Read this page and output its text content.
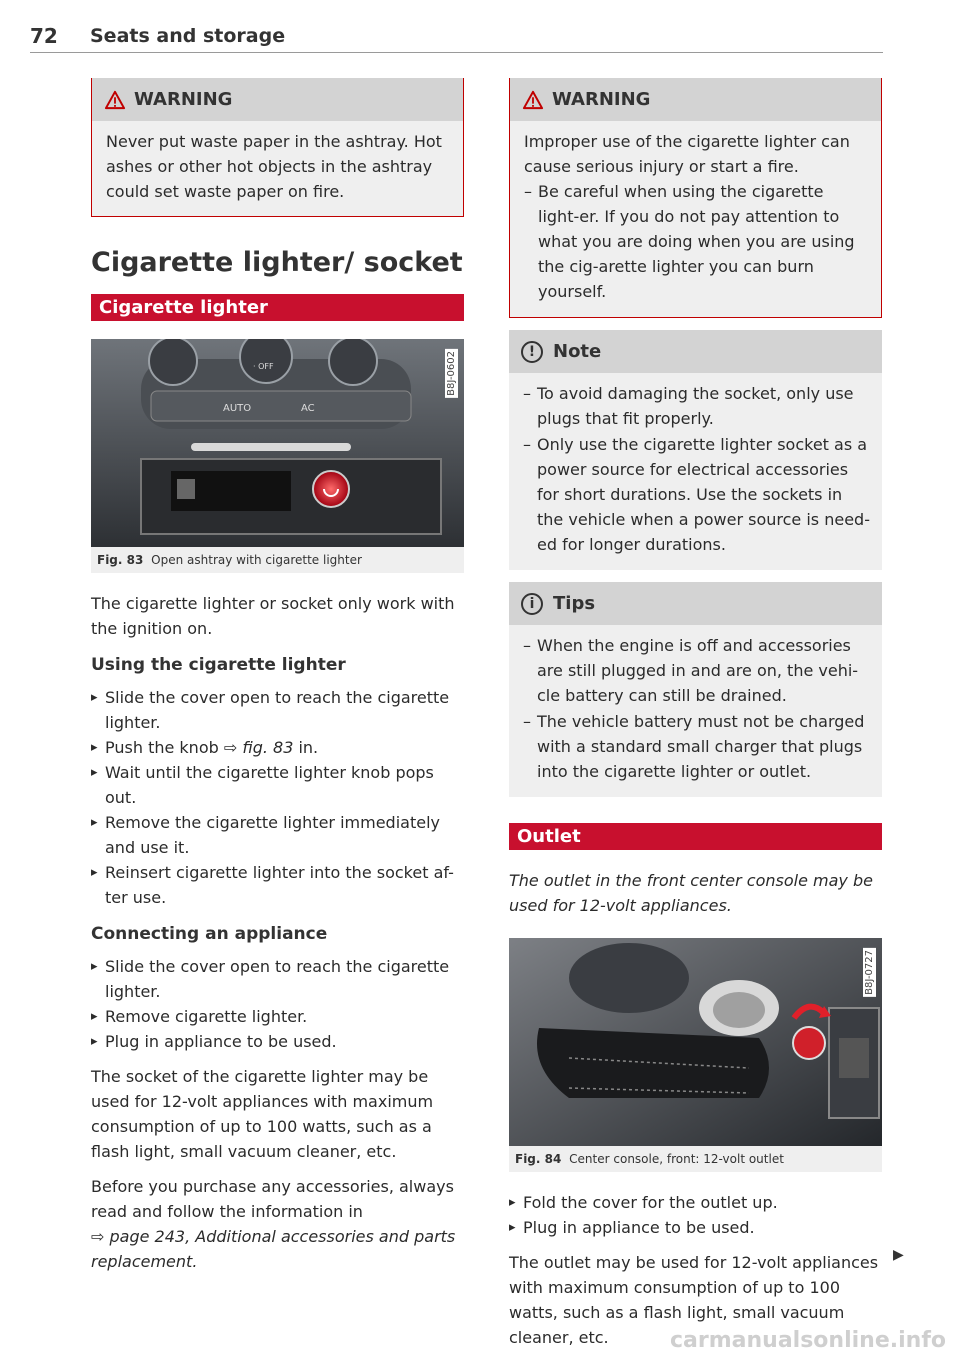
72 Seats and storage
WARNING
Never put waste paper in the ashtray. Hot ashes or other hot objects in the ashtray could set waste paper on fire.
Cigarette lighter/ socket
Cigarette lighter
AUTO	AC
· OFF	B8J-0602
Fig. 83 Open ashtray with cigarette lighter

The cigarette lighter or socket only work with the ignition on.

Using the cigarette lighter
▸ Slide the cover open to reach the cigarette lighter.
▸ Push the knob ⇨ fig. 83 in.
▸ Wait until the cigarette lighter knob pops out.
▸ Remove the cigarette lighter immediately and use it.
▸ Reinsert cigarette lighter into the socket af-ter use.
Connecting an appliance
▸ Slide the cover open to reach the cigarette lighter.
▸ Remove cigarette lighter.
▸ Plug in appliance to be used.

The socket of the cigarette lighter may be used for 12-volt appliances with maximum consumption of up to 100 watts, such as a flash light, small vacuum cleaner, etc.

Before you purchase any accessories, always read and follow the information in
⇨ page 243, Additional accessories and parts replacement.

WARNING
Improper use of the cigarette lighter can cause serious injury or start a fire.
– Be careful when using the cigarette light-er. If you do not pay attention to what you are doing when you are using the cig-arette lighter you can burn yourself.
! Note
– To avoid damaging the socket, only use plugs that fit properly.
– Only use the cigarette lighter socket as a power source for electrical accessories for short durations. Use the sockets in the vehicle when a power source is need-ed for longer durations.
i	Tips
– When the engine is off and accessories are still plugged in and are on, the vehi-cle battery can still be drained.
– The vehicle battery must not be charged with a standard small charger that plugs into the cigarette lighter or outlet.
Outlet

The outlet in the front center console may be used for 12-volt appliances.

B8J-0727
Fig. 84 Center console, front: 12-volt outlet
▸ Fold the cover for the outlet up.
▸ Plug in appliance to be used.

The outlet may be used for 12-volt appliances with maximum consumption of up to 100 watts, such as a flash light, small vacuum cleaner, etc.

▶
carmanualsonline.info
